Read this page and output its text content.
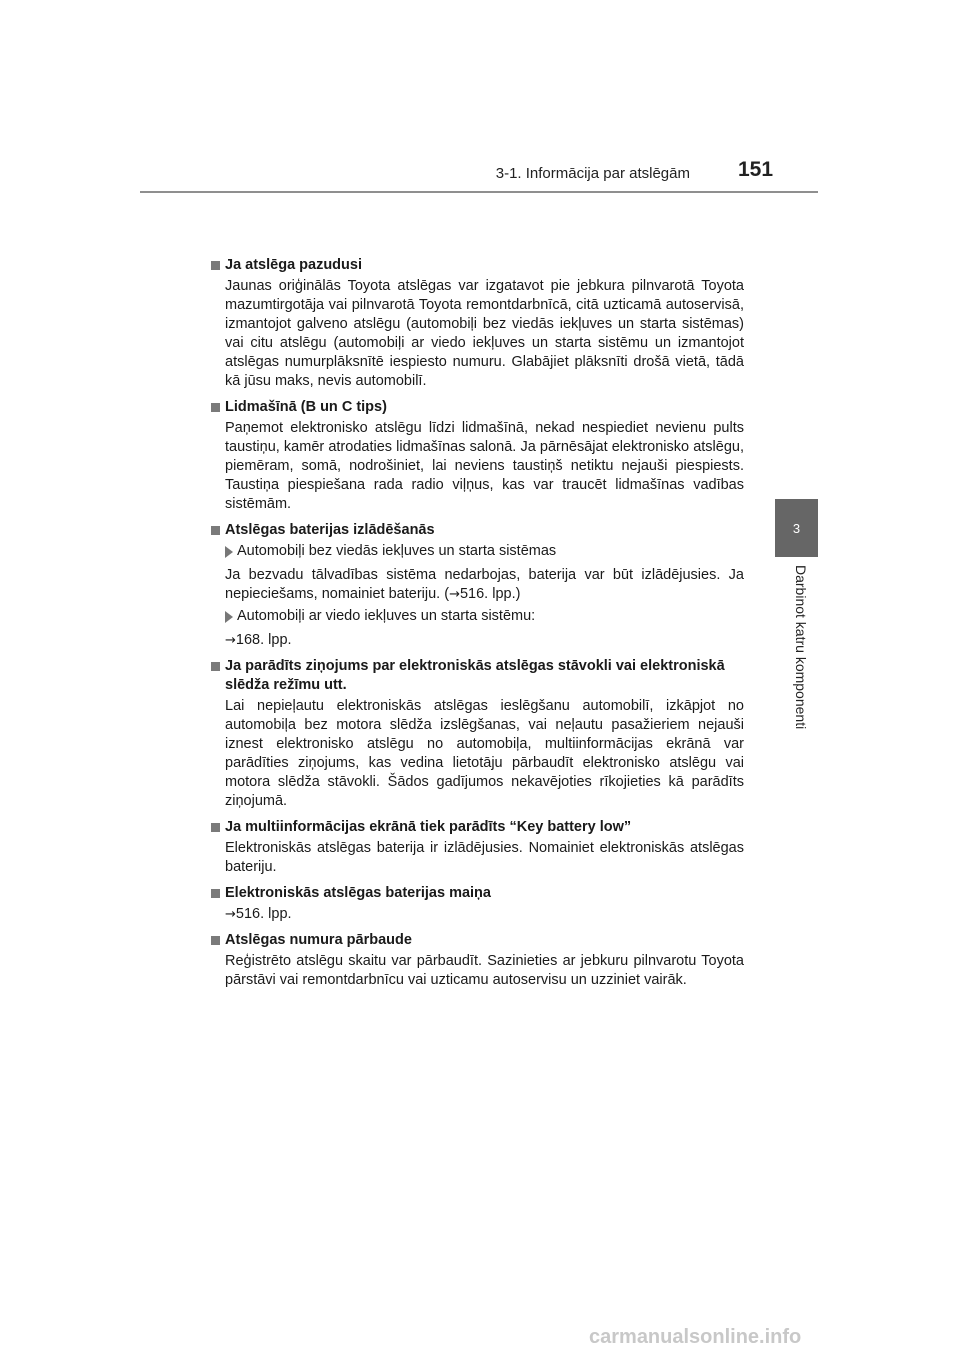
3-1. Informācija par atslēgām 151
3
Darbinot katru komponenti
Ja atslēga pazudusi
Jaunas oriģinālās Toyota atslēgas var izgatavot pie jebkura pilnvarotā Toyota mazumtirgotāja vai pilnvarotā Toyota remontdarbnīcā, citā uzticamā autoservisā, izmantojot galveno atslēgu (automobiļi bez viedās iekļuves un starta sistēmas) vai citu atslēgu (automobiļi ar viedo iekļuves un starta sistēmu un izmantojot atslēgas numurplāksnītē iespiesto numuru. Glabājiet plāksnīti drošā vietā, tādā kā jūsu maks, nevis automobilī.
Lidmašīnā (B un C tips)
Paņemot elektronisko atslēgu līdzi lidmašīnā, nekad nespiediet nevienu pults taustiņu, kamēr atrodaties lidmašīnas salonā. Ja pārnēsājat elektronisko atslēgu, piemēram, somā, nodrošiniet, lai neviens taustiņš netiktu nejauši piespiests. Taustiņa piespiešana rada radio viļņus, kas var traucēt lidmašīnas vadības sistēmām.
Atslēgas baterijas izlādēšanās
Automobiļi bez viedās iekļuves un starta sistēmas
Ja bezvadu tālvadības sistēma nedarbojas, baterija var būt izlādējusies. Ja nepieciešams, nomainiet bateriju. (→516. lpp.)
Automobiļi ar viedo iekļuves un starta sistēmu:
→168. lpp.
Ja parādīts ziņojums par elektroniskās atslēgas stāvokli vai elektroniskā slēdža režīmu utt.
Lai nepieļautu elektroniskās atslēgas ieslēgšanu automobilī, izkāpjot no automobiļa bez motora slēdža izslēgšanas, vai neļautu pasažieriem nejauši iznest elektronisko atslēgu no automobiļa, multiinformācijas ekrānā var parādīties ziņojums, kas vedina lietotāju pārbaudīt elektronisko atslēgu vai motora slēdža stāvokli. Šādos gadījumos nekavējoties rīkojieties kā parādīts ziņojumā.
Ja multiinformācijas ekrānā tiek parādīts “Key battery low”
Elektroniskās atslēgas baterija ir izlādējusies. Nomainiet elektroniskās atslēgas bateriju.
Elektroniskās atslēgas baterijas maiņa
→516. lpp.
Atslēgas numura pārbaude
Reģistrēto atslēgu skaitu var pārbaudīt. Sazinieties ar jebkuru pilnvarotu Toyota pārstāvi vai remontdarbnīcu vai uzticamu autoservisu un uzziniet vairāk.
carmanualsonline.info
